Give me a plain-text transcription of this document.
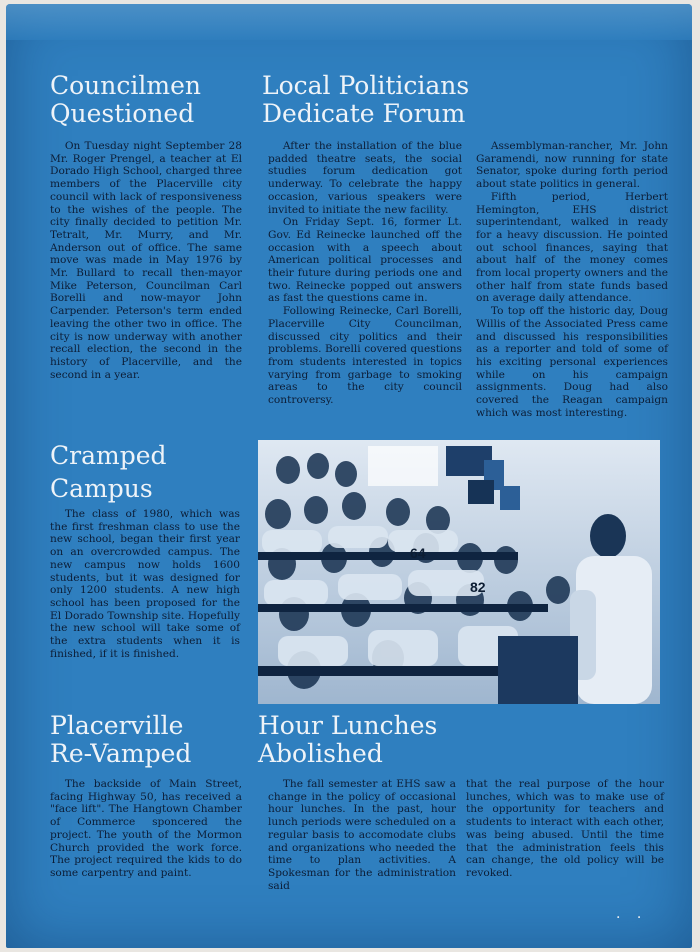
Councilmen
Questioned

On Tuesday night September 28 Mr. Roger Prengel, a teacher at El Dorado High School, charged three members of the Placerville city council with lack of responsiveness to the wishes of the people. The city finally decided to petition Mr. Tetralt, Mr. Murry, and Mr. Anderson out of office. The same move was made in May 1976 by Mr. Bullard to recall then-mayor Mike Peterson, Councilman Carl Borelli and now-mayor John Carpender. Peterson's term ended leaving the other two in office. The city is now underway with another recall election, the second in the history of Placerville, and the second in a year.

Local Politicians
Dedicate Forum

After the installation of the blue padded theatre seats, the social studies forum dedication got underway. To celebrate the happy occasion, various speakers were invited to initiate the new facility.

On Friday Sept. 16, former Lt. Gov. Ed Reinecke launched off the occasion with a speech about American political processes and their future during periods one and two. Reinecke popped out answers as fast the questions came in.

Following Reinecke, Carl Borelli, Placerville City Councilman, discussed city politics and their problems. Borelli covered questions from students interested in topics varying from garbage to smoking areas to the city council controversy.

Assemblyman-rancher, Mr. John Garamendi, now running for state Senator, spoke during forth period about state politics in general.

Fifth period, Herbert Hemington, EHS district superintendant, walked in ready for a heavy discussion. He pointed out school finances, saying that about half of the money comes from local property owners and the other half from state funds based on average daily attendance.

To top off the historic day, Doug Willis of the Associated Press came and discussed his responsibilities as a reporter and told of some of his exciting personal experiences while on his campaign assignments. Doug had also covered the Reagan campaign which was most interesting.

Cramped
Campus

The class of 1980, which was the first freshman class to use the new school, began their first year on an overcrowded campus. The new campus now holds 1600 students, but it was designed for only 1200 students. A new high school has been proposed for the El Dorado Township site. Hopefully the new school will take some of the extra students when it is finished, if it is finished.

64
82
Placerville
Re-Vamped

The backside of Main Street, facing Highway 50, has received a "face lift". The Hangtown Chamber of Commerce sponcered the project. The youth of the Mormon Church provided the work force. The project required the kids to do some carpentry and paint.

Hour Lunches
Abolished

The fall semester at EHS saw a change in the policy of occasional hour lunches. In the past, hour lunch periods were scheduled on a regular basis to accomodate clubs and organizations who needed the time to plan activities. A Spokesman for the administration said

that the real purpose of the hour lunches, which was to make use of the opportunity for teachers and students to interact with each other, was being abused. Until the time that the administration feels this can change, the old policy will be revoked.

· ·
